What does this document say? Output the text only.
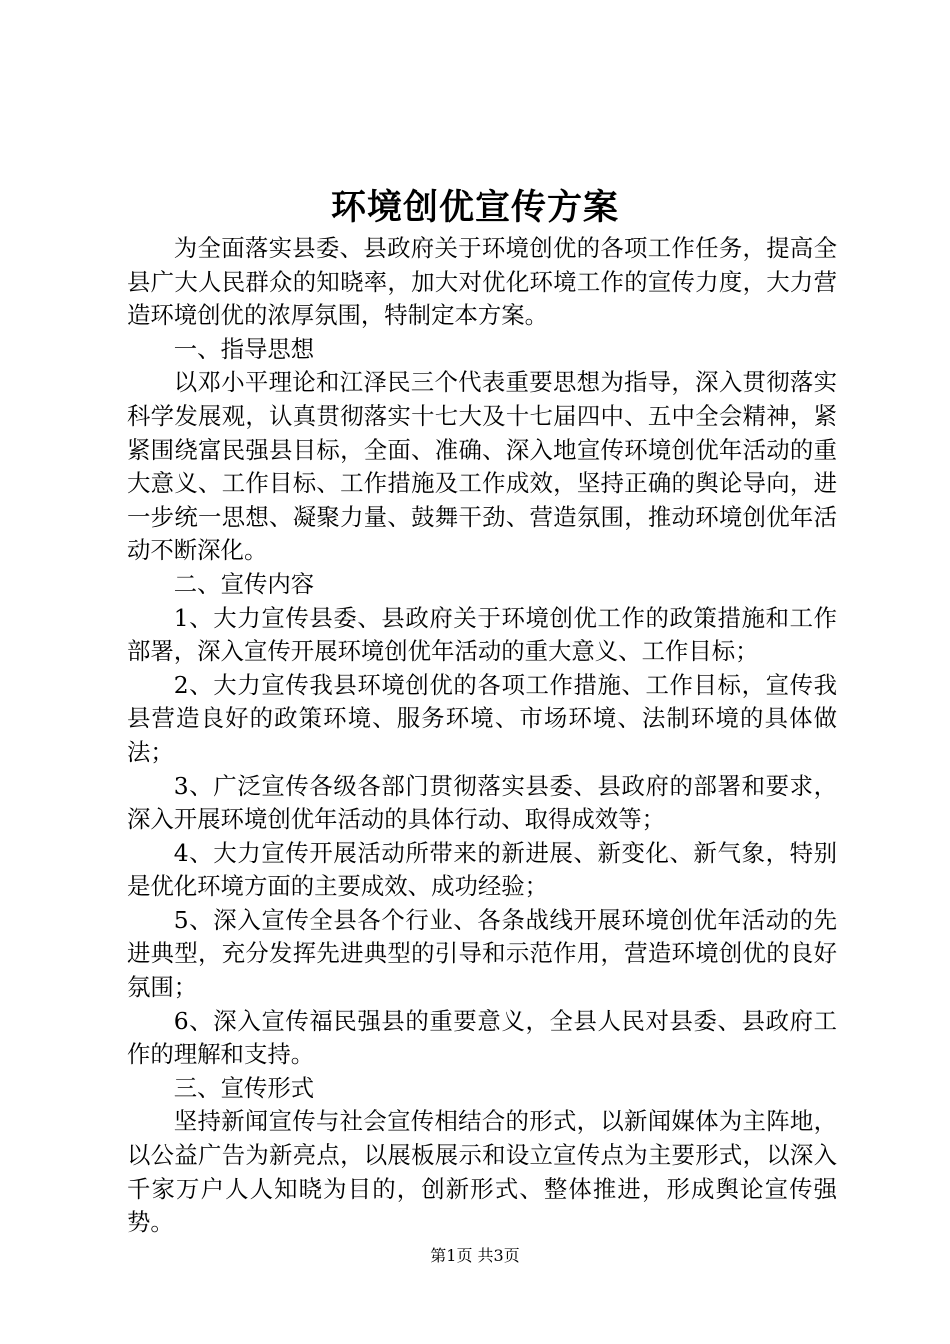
环境创优宣传方案

为全面落实县委、县政府关于环境创优的各项工作任务，提高全县广大人民群众的知晓率，加大对优化环境工作的宣传力度，大力营造环境创优的浓厚氛围，特制定本方案。

一、指导思想

以邓小平理论和江泽民三个代表重要思想为指导，深入贯彻落实科学发展观，认真贯彻落实十七大及十七届四中、五中全会精神，紧紧围绕富民强县目标，全面、准确、深入地宣传环境创优年活动的重大意义、工作目标、工作措施及工作成效，坚持正确的舆论导向，进一步统一思想、凝聚力量、鼓舞干劲、营造氛围，推动环境创优年活动不断深化。

二、宣传内容

1、大力宣传县委、县政府关于环境创优工作的政策措施和工作部署，深入宣传开展环境创优年活动的重大意义、工作目标；

2、大力宣传我县环境创优的各项工作措施、工作目标，宣传我县营造良好的政策环境、服务环境、市场环境、法制环境的具体做法；

3、广泛宣传各级各部门贯彻落实县委、县政府的部署和要求，深入开展环境创优年活动的具体行动、取得成效等；

4、大力宣传开展活动所带来的新进展、新变化、新气象，特别是优化环境方面的主要成效、成功经验；

5、深入宣传全县各个行业、各条战线开展环境创优年活动的先进典型，充分发挥先进典型的引导和示范作用，营造环境创优的良好氛围；

6、深入宣传福民强县的重要意义，全县人民对县委、县政府工作的理解和支持。

三、宣传形式

坚持新闻宣传与社会宣传相结合的形式，以新闻媒体为主阵地，以公益广告为新亮点，以展板展示和设立宣传点为主要形式，以深入千家万户人人知晓为目的，创新形式、整体推进，形成舆论宣传强势。

第1页 共3页
